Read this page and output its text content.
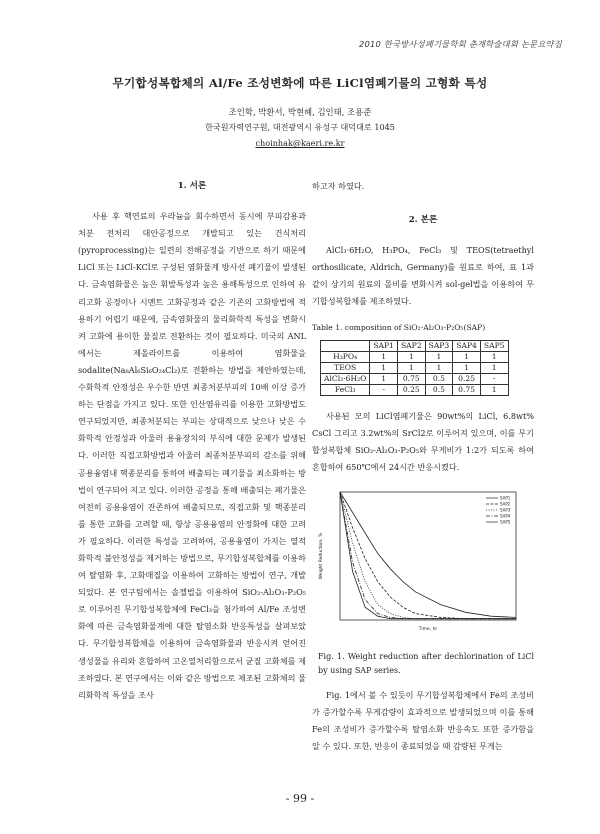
2010 한국방사성폐기물학회 춘계학술대회 논문요약집
무기합성복합체의 Al/Fe 조성변화에 따른 LiCl염폐기물의 고형화 특성
조인학, 박환서, 박현혜, 김인태, 조용준
한국원자력연구원, 대전광역시 유성구 대덕대로 1045
choinhak@kaeri.re.kr
1. 서론

사용 후 핵연료의 우라늄을 회수하면서 동시에 부피감용과 처분 전처리 대안공정으로 개발되고 있는 건식처리(pyroprocessing)는 일련의 전해공정을 기반으로 하기 때문에 LiCl 또는 LiCl-KCl로 구성된 염화물계 방사선 폐기물이 발생된다. 금속염화물은 높은 휘발특성과 높은 용해특성으로 인하여 유리고화 공정이나 시멘트 고화공정과 같은 기존의 고화방법에 적용하기 어렵기 때문에, 금속염화물의 물리화학적 특성을 변화시켜 고화에 용이한 물질로 전환하는 것이 필요하다. 미국의 ANL에서는 제올라이트를 이용하여 염화물을 sodalite(Na₈Al₆Si₆O₂₄Cl₂)로 전환하는 방법을 제안하였는데, 수화학적 안정성은 우수한 반면 최종처분부피의 10배 이상 증가하는 단점을 가지고 있다. 또한 인산염유리를 이용한 고화방법도 연구되었지만, 최종처분되는 부피는 상대적으로 낮으나 낮은 수화학적 안정성과 아울러 용융장치의 부식에 대한 문제가 발생된다. 이러한 직접고화방법과 아울러 최종처분부피의 감소를 위해 공용융염내 핵종분리를 통하여 배출되는 폐기물을 최소화하는 방법이 연구되어 지고 있다. 이러한 공정을 통해 배출되는 폐기물은 여전히 공용융염이 잔존하여 배출되므로, 직접고화 및 핵종분리를 통한 고화를 고려할 때, 항상 공용융염의 안정화에 대한 고려가 필요하다. 이러한 특성을 고려하여, 공용융염이 가지는 열적 화학적 불안정성을 제거하는 방법으로, 무기합성복합체를 이용하여 탈염화 후, 고화매질을 이용하여 고화하는 방법이 연구, 개발되었다. 본 연구팀에서는 솔젤법을 이용하여 SiO₂-Al₂O₃-P₂O₅로 이루어진 무기합성복합체에 FeCl₃을 첨가하여 Al/Fe 조성변화에 따른 금속염화물계에 대한 탈염소화 반응특성을 살펴보았다. 무기합성복합체을 이용하여 금속염화물과 반응시켜 얻어진 생성물을 유리와 혼합하여 고온열처리함으로서 균질 고화체를 제조하였다. 본 연구에서는 이와 같은 방법으로 제조된 고화체의 물리화학적 특성을 조사

하고자 하였다.

2. 본론

AlCl₃·6H₂O, H₃PO₄, FeCl₃ 및 TEOS(tetraethyl orthosilicate, Aldrich, Germany)를 원료로 하여, 표 1과 같이 상기의 원료의 몰비를 변화시켜 sol-gel법을 이용하여 무기합성복합체를 제조하였다.

Table 1. composition of SiO₂-Al₂O₃-P₂O₅(SAP)
	SAP1	SAP2	SAP3	SAP4	SAP5
H₃PO₄	1	1	1	1	1
TEOS	1	1	1	1	1
AlCl₃·6H₂O	1	0.75	0.5	0.25	-
FeCl₃	-	0.25	0.5	0.75	1

사용된 모의 LiCl염폐기물은 90wt%의 LiCl, 6.8wt% CsCl 그리고 3.2wt%의 SrCl2로 이루어져 있으며, 이를 무기합성복합체 SiO₂-Al₂O₃-P₂O₅와 무게비가 1:2가 되도록 하여 혼합하여 650℃에서 24시간 반응시켰다.

SAP1
SAP2
SAP3
SAP4
SAP5
Time, hr
Weight Reduction, %
Fig. 1. Weight reduction after dechlorination of LiCl by using SAP series.

Fig. 1에서 볼 수 있듯이 무기합성복합체에서 Fe의 조성비가 증가할수록 무게감량이 효과적으로 발생되었으며 이를 통해 Fe의 조성비가 증가할수록 탈염소화 반응속도 또한 증가함을 알 수 있다. 또한, 반응이 종료되었을 때 감량된 무게는

- 99 -
